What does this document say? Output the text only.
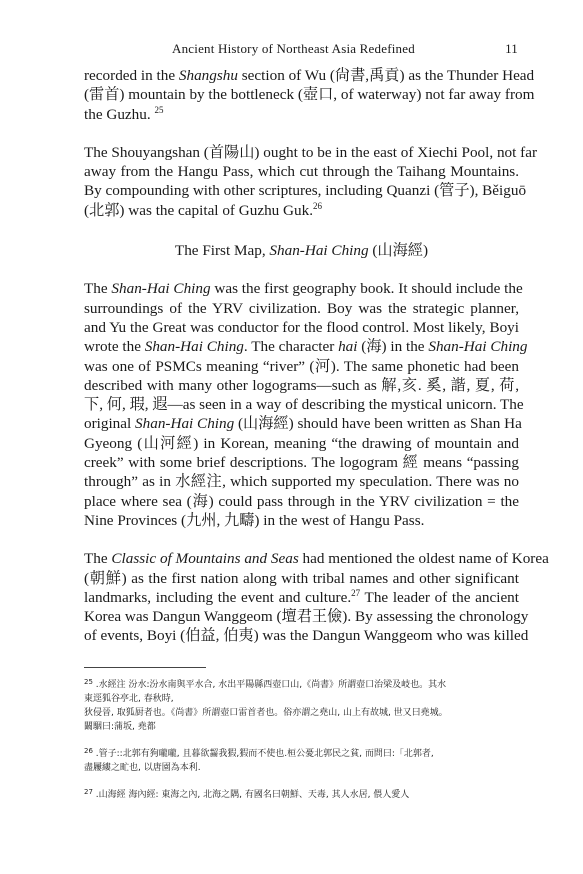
Ancient History of Northeast Asia Redefined	11
recorded in the Shangshu section of Wu (尙書,禹貢) as the Thunder Head
(雷首) mountain by the bottleneck (壺口, of waterway) not far away from
the Guzhu. $^{25}$
The Shouyangshan (首陽山) ought to be in the east of Xiechi Pool, not far
away from the Hangu Pass, which cut through the Taihang Mountains.
By compounding with other scriptures, including Quanzi (管子), Běiguō
(北郭) was the capital of Guzhu Guk.$^{26}$
The First Map, Shan-Hai Ching (山海經)
The Shan-Hai Ching was the first geography book. It should include the
surroundings of the YRV civilization. Boy was the strategic planner,
and Yu the Great was conductor for the flood control. Most likely, Boyi
wrote the Shan-Hai Ching. The character hai (海) in the Shan-Hai Ching
was one of PSMCs meaning “river” (河). The same phonetic had been
described with many other logograms—such as 解,亥. 奚, 諧, 夏, 荷,
下, 何, 瑕, 遐—as seen in a way of describing the mystical unicorn. The
original Shan-Hai Ching (山海經) should have been written as Shan Ha
Gyeong (山河經) in Korean, meaning “the drawing of mountain and
creek” with some brief descriptions. The logogram 經 means “passing
through” as in 水經注, which supported my speculation. There was no
place where sea (海) could pass through in the YRV civilization = the
Nine Provinces (九州, 九疇) in the west of Hangu Pass.
The Classic of Mountains and Seas had mentioned the oldest name of Korea
(朝鮮) as the first nation along with tribal names and other significant
landmarks, including the event and culture.$^{27}$ The leader of the ancient
Korea was Dangun Wanggeom (壇君王儉). By assessing the chronology
of events, Boyi (伯益, 伯夷) was the Dangun Wanggeom who was killed
$^{25}$ .水經注 汾水:汾水南與平水合, 水出平陽縣西壺口山,《尚書》所謂壺口治梁及岐也。其水
東逕狐谷亭北, 春秋時,
狄侵晉, 取狐厨者也。《尚書》所謂壺口雷首者也。俗亦謂之堯山, 山上有故城, 世又曰堯城。
闞駰曰:蒲坂, 堯都
$^{26}$ .管子::北郭有狗嚨嚨, 且暮欲齧我猳,猳而不使也.桓公憂北郭民之貧, 而問曰:「北郭者,
盡屨縷之甿也, 以唐園為本利.
$^{27}$ .山海經 海內經: 東海之內, 北海之隅, 有國名曰朝鮮、天毒, 其人水居, 偎人愛人
